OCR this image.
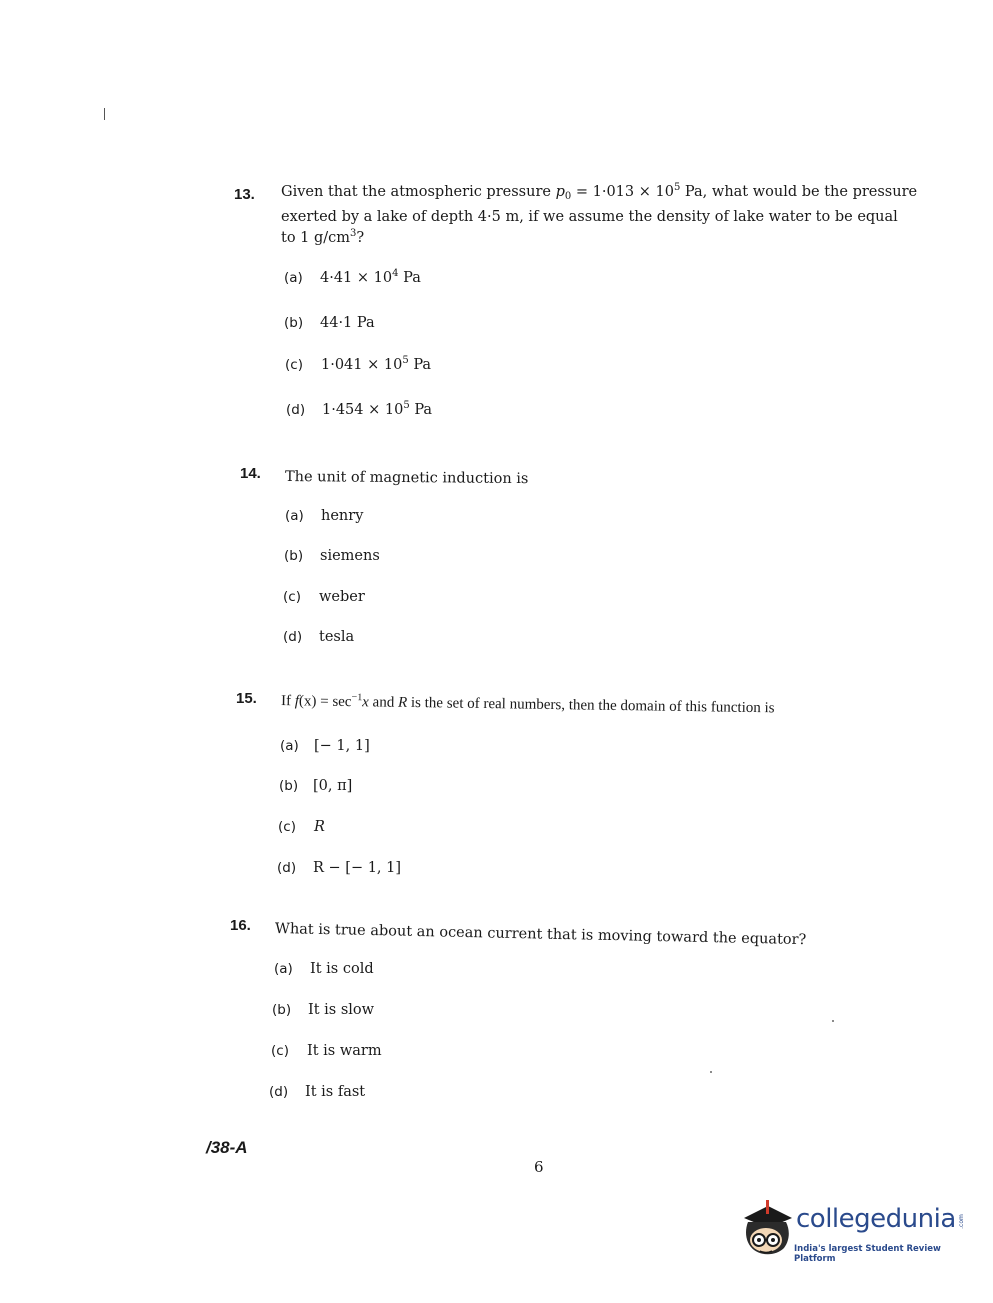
13. Given that the atmospheric pressure $p_0 = 1\cdot 013 \times 10^5$ Pa, what would be the pressure
exerted by a lake of depth 4·5 m, if we assume the density of lake water to be equal
to 1 $g/cm^3$?
(a) $4\cdot 41 \times 10^4$ Pa
(b) 44·1 Pa
(c) $1\cdot 041 \times 10^5$ Pa
(d) $1\cdot 454 \times 10^5$ Pa
14. The unit of magnetic induction is
(a) henry
(b) siemens
(c) weber
(d) tesla
15. If $f(x) = \sec^{-1}x$ and R is the set of real numbers, then the domain of this function is
(a) [− 1, 1]
(b) [0, π]
(c) R
(d) R − [− 1, 1]
16. What is true about an ocean current that is moving toward the equator?
(a) It is cold
(b) It is slow
(c) It is warm
(d) It is fast
/38-A
6
collegedunia .com
India's largest Student Review Platform
